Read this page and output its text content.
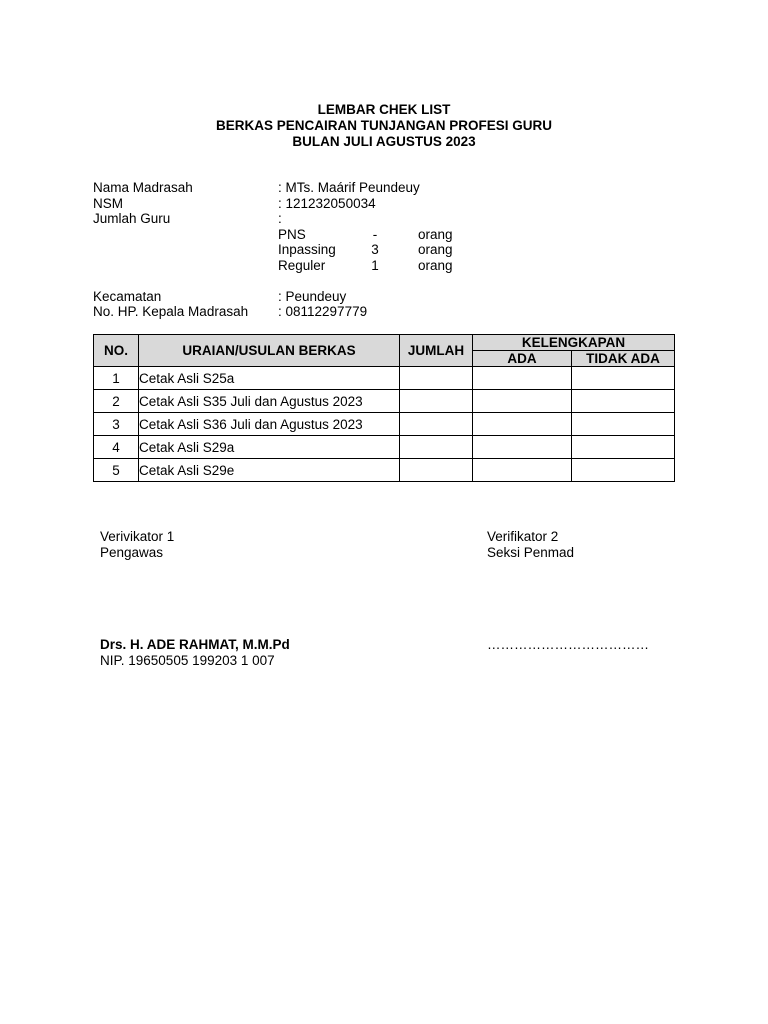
LEMBAR CHEK LIST
BERKAS PENCAIRAN TUNJANGAN PROFESI GURU
BULAN JULI AGUSTUS 2023
Nama Madrasah	: MTs. Maárif Peundeuy
NSM	: 121232050034
Jumlah Guru	:
PNS	-	orang
Inpassing	3	orang
Reguler	1	orang
Kecamatan	: Peundeuy
No. HP. Kepala Madrasah : 08112297779
NO.	URAIAN/USULAN BERKAS	JUMLAH	KELENGKAPAN	
			ADA	TIDAK ADA
1	Cetak Asli S25a			
2	Cetak Asli S35 Juli dan Agustus 2023			
3	Cetak Asli S36 Juli dan Agustus 2023			
4	Cetak Asli S29a			
5	Cetak Asli S29e			
Verivikator 1
Pengawas
Verifikator 2
Seksi Penmad
Drs. H. ADE RAHMAT, M.M.Pd
NIP. 19650505 199203 1 007
………………………………
